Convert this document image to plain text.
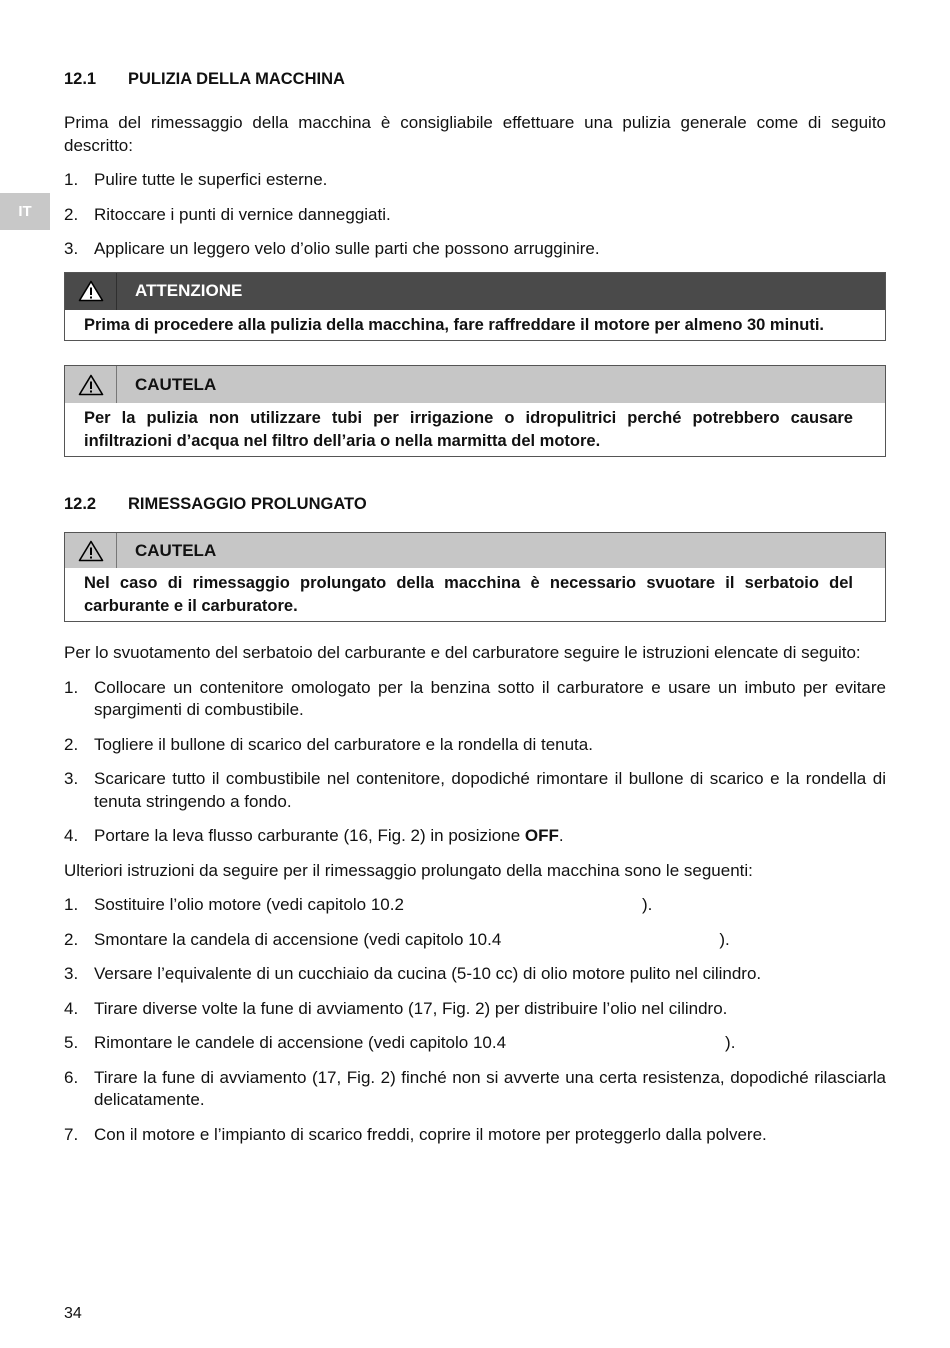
IT
12.1	PULIZIA DELLA MACCHINA

Prima del rimessaggio della macchina è consigliabile effettuare una pulizia generale come di seguito descritto:

1. Pulire tutte le superfici esterne.
2. Ritoccare i punti di vernice danneggiati.
3. Applicare un leggero velo d’olio sulle parti che possono arrugginire.
ATTENZIONE
Prima di procedere alla pulizia della macchina, fare raffreddare il motore per almeno 30 minuti.
CAUTELA
Per la pulizia non utilizzare tubi per irrigazione o idropulitrici perché potrebbero causare infiltrazioni d’acqua nel filtro dell’aria o nella marmitta del motore.
12.2	RIMESSAGGIO PROLUNGATO
CAUTELA
Nel caso di rimessaggio prolungato della macchina è necessario svuotare il serbatoio del carburante e il carburatore.

Per lo svuotamento del serbatoio del carburante e del carburatore seguire le istruzioni elencate di seguito:

1. Collocare un contenitore omologato per la benzina sotto il carburatore e usare un imbuto per evitare spargimenti di combustibile.
2. Togliere il bullone di scarico del carburatore e la rondella di tenuta.
3. Scaricare tutto il combustibile nel contenitore, dopodiché rimontare il bullone di scarico e la rondella di tenuta stringendo a fondo.
4. Portare la leva flusso carburante (16, Fig. 2) in posizione OFF.

Ulteriori istruzioni da seguire per il rimessaggio prolungato della macchina sono le seguenti:

1. Sostituire l’olio motore (vedi capitolo 10.2	).
2. Smontare la candela di accensione (vedi capitolo 10.4	).
3. Versare l’equivalente di un cucchiaio da cucina (5-10 cc) di olio motore pulito nel cilindro.
4. Tirare diverse volte la fune di avviamento (17, Fig. 2) per distribuire l’olio nel cilindro.
5. Rimontare le candele di accensione (vedi capitolo 10.4	).
6. Tirare la fune di avviamento (17, Fig. 2) finché non si avverte una certa resistenza, dopodiché rilasciarla delicatamente.
7. Con il motore e l’impianto di scarico freddi, coprire il motore per proteggerlo dalla polvere.
34
